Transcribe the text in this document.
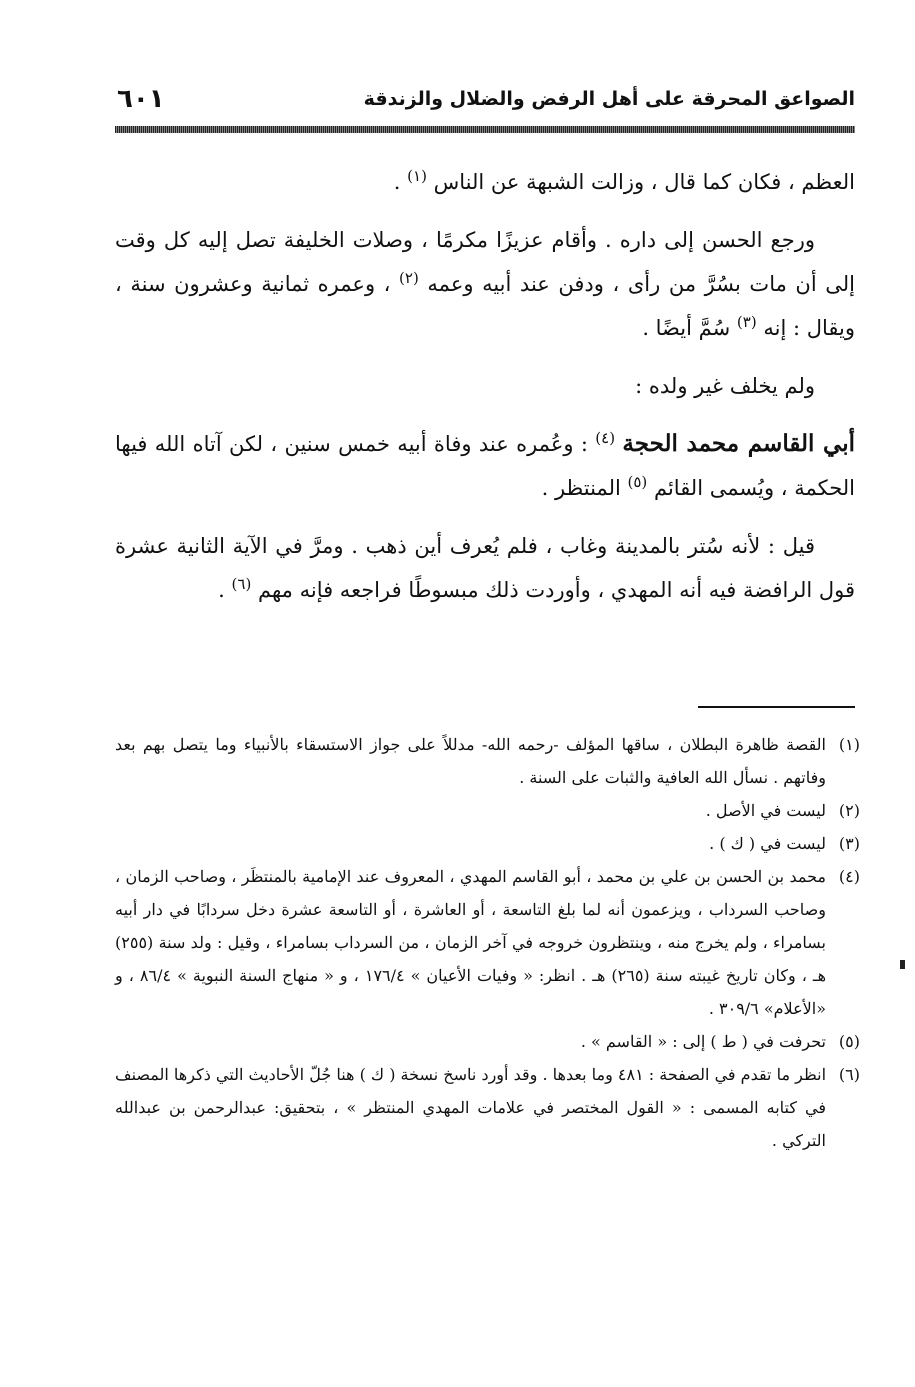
الصواعق المحرقة على أهل الرفض والضلال والزندقة
٦٠١

العظم ، فكان كما قال ، وزالت الشبهة عن الناس $^{(١)}$ .

ورجع الحسن إلى داره . وأقام عزيزًا مكرمًا ، وصلات الخليفة تصل إليه كل وقت إلى أن مات بسُرَّ من رأى ، ودفن عند أبيه وعمه $^{(٢)}$ ، وعمره ثمانية وعشرون سنة ، ويقال : إنه $^{(٣)}$ سُمَّ أيضًا .

ولم يخلف غير ولده :

أبي القاسم محمد الحجة $^{(٤)}$ : وعُمره عند وفاة أبيه خمس سنين ، لكن آتاه الله فيها الحكمة ، ويُسمى القائم $^{(٥)}$ المنتظر .

قيل : لأنه سُتر بالمدينة وغاب ، فلم يُعرف أين ذهب . ومرَّ في الآية الثانية عشرة قول الرافضة فيه أنه المهدي ، وأوردت ذلك مبسوطًا فراجعه فإنه مهم $^{(٦)}$ .

(١)القصة ظاهرة البطلان ، ساقها المؤلف -رحمه الله- مدللاً على جواز الاستسقاء بالأنبياء وما يتصل بهم بعد وفاتهم . نسأل الله العافية والثبات على السنة .

(٢)ليست في الأصل .

(٣)ليست في ( ك ) .

(٤)محمد بن الحسن بن علي بن محمد ، أبو القاسم المهدي ، المعروف عند الإمامية بالمنتظَر ، وصاحب الزمان ، وصاحب السرداب ، ويزعمون أنه لما بلغ التاسعة ، أو العاشرة ، أو التاسعة عشرة دخل سردابًا في دار أبيه بسامراء ، ولم يخرج منه ، وينتظرون خروجه في آخر الزمان ، من السرداب بسامراء ، وقيل : ولد سنة (٢٥٥) هـ ، وكان تاريخ غيبته سنة (٢٦٥) هـ . انظر: « وفيات الأعيان » ١٧٦/٤ ، و « منهاج السنة النبوية » ٨٦/٤ ، و «الأعلام» ٣٠٩/٦ .

(٥)تحرفت في ( ط ) إلى : « القاسم » .

(٦)انظر ما تقدم في الصفحة : ٤٨١ وما بعدها . وقد أورد ناسخ نسخة ( ك ) هنا جُلّ الأحاديث التي ذكرها المصنف في كتابه المسمى : « القول المختصر في علامات المهدي المنتظر » ، بتحقيق: عبدالرحمن بن عبدالله التركي .
